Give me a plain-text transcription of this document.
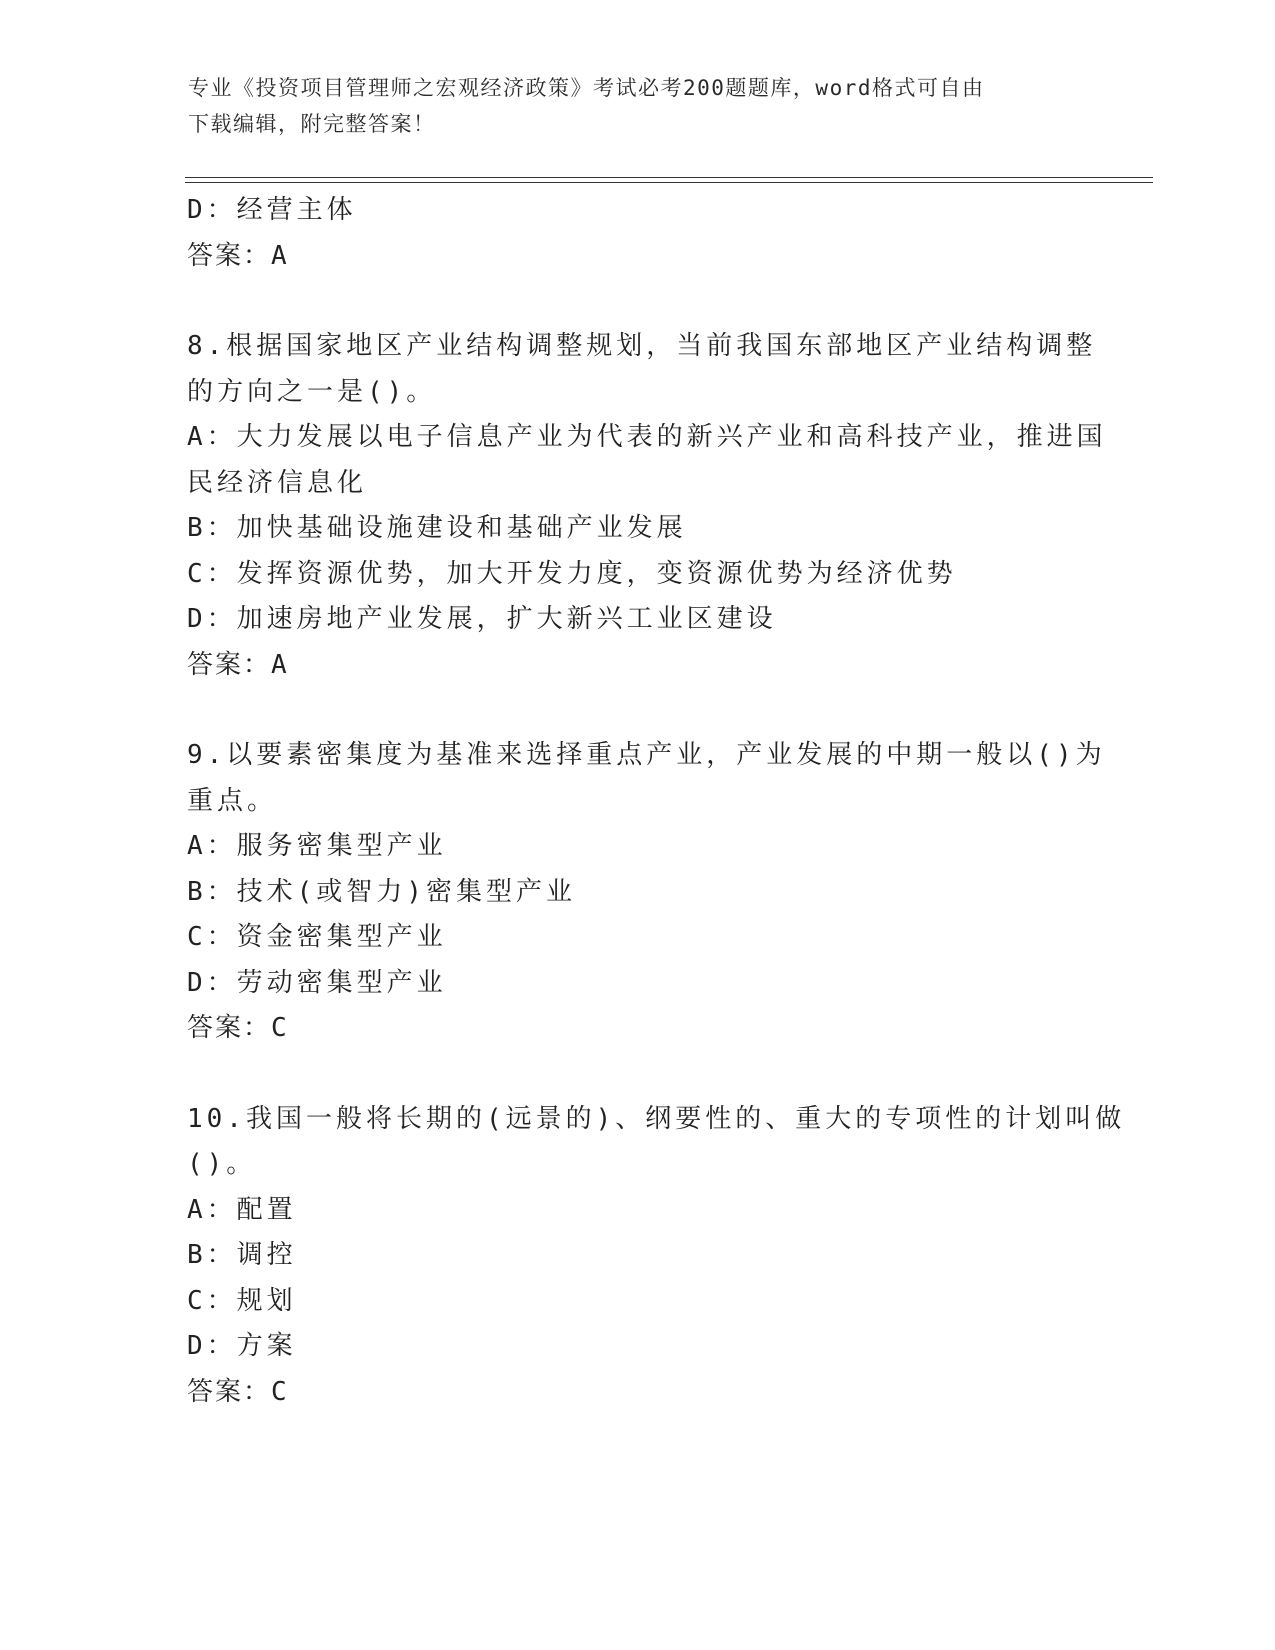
专业《投资项目管理师之宏观经济政策》考试必考200题题库，word格式可自由
下载编辑，附完整答案！
D：经营主体
答案：A
8.根据国家地区产业结构调整规划，当前我国东部地区产业结构调整
的方向之一是()。
A：大力发展以电子信息产业为代表的新兴产业和高科技产业，推进国
民经济信息化
B：加快基础设施建设和基础产业发展
C：发挥资源优势，加大开发力度，变资源优势为经济优势
D：加速房地产业发展，扩大新兴工业区建设
答案：A
9.以要素密集度为基准来选择重点产业，产业发展的中期一般以()为
重点。
A：服务密集型产业
B：技术(或智力)密集型产业
C：资金密集型产业
D：劳动密集型产业
答案：C
10.我国一般将长期的(远景的)、纲要性的、重大的专项性的计划叫做
()。
A：配置
B：调控
C：规划
D：方案
答案：C
